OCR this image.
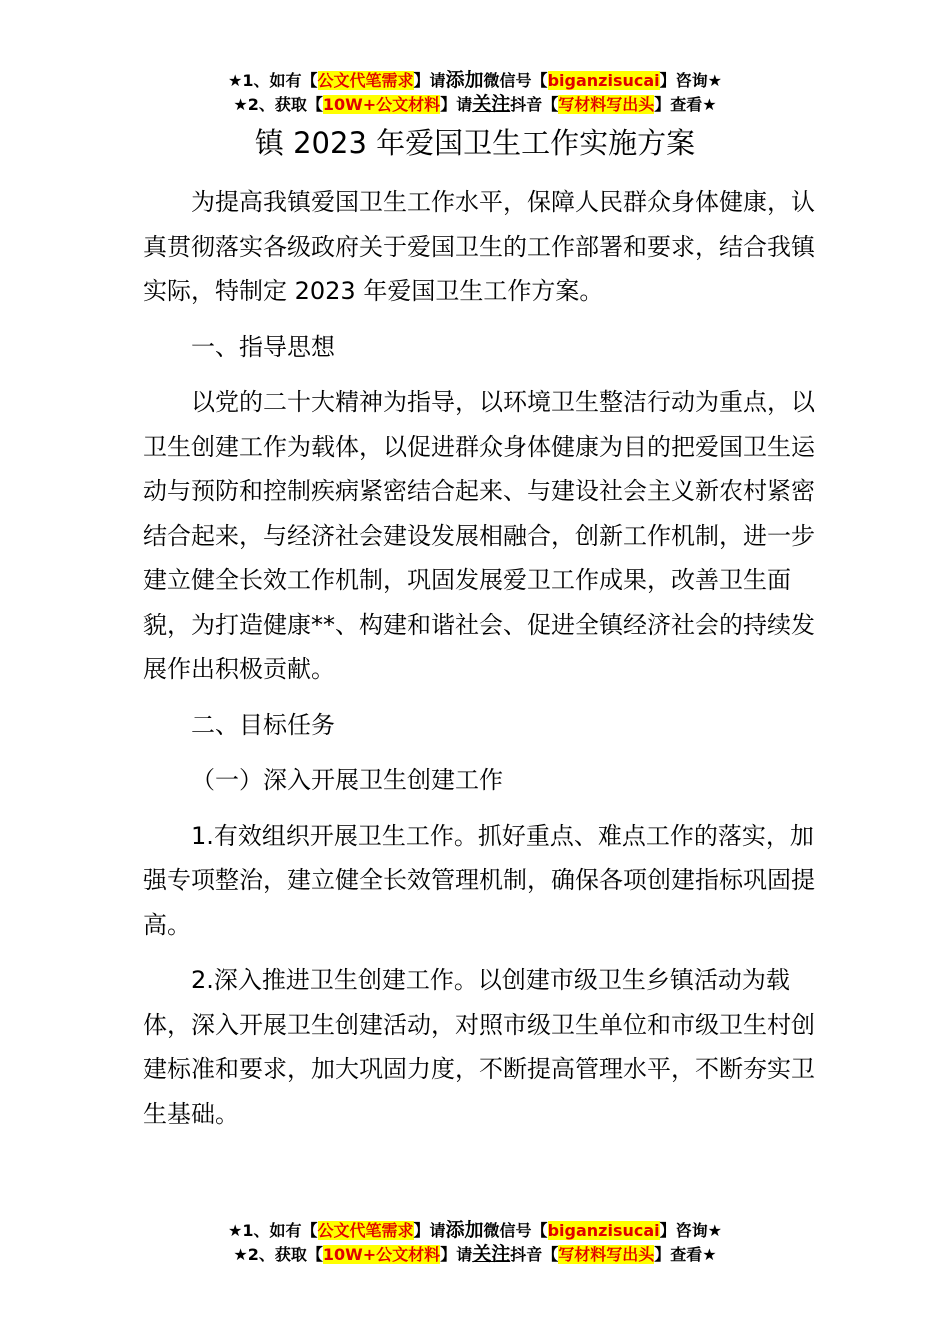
★1、如有【公文代笔需求】请添加微信号【biganzisucai】咨询★
★2、获取【10W+公文材料】请关注抖音【写材料写出头】查看★
镇 2023 年爱国卫生工作实施方案

为提高我镇爱国卫生工作水平，保障人民群众身体健康，认真贯彻落实各级政府关于爱国卫生的工作部署和要求，结合我镇实际，特制定 2023 年爱国卫生工作方案。

一、指导思想

以党的二十大精神为指导，以环境卫生整洁行动为重点，以卫生创建工作为载体，以促进群众身体健康为目的把爱国卫生运动与预防和控制疾病紧密结合起来、与建设社会主义新农村紧密结合起来，与经济社会建设发展相融合，创新工作机制，进一步建立健全长效工作机制，巩固发展爱卫工作成果，改善卫生面貌，为打造健康**、构建和谐社会、促进全镇经济社会的持续发展作出积极贡献。

二、目标任务

（一）深入开展卫生创建工作

1.有效组织开展卫生工作。抓好重点、难点工作的落实，加强专项整治，建立健全长效管理机制，确保各项创建指标巩固提高。

2.深入推进卫生创建工作。以创建市级卫生乡镇活动为载体，深入开展卫生创建活动，对照市级卫生单位和市级卫生村创建标准和要求，加大巩固力度，不断提高管理水平，不断夯实卫生基础。

★1、如有【公文代笔需求】请添加微信号【biganzisucai】咨询★
★2、获取【10W+公文材料】请关注抖音【写材料写出头】查看★
